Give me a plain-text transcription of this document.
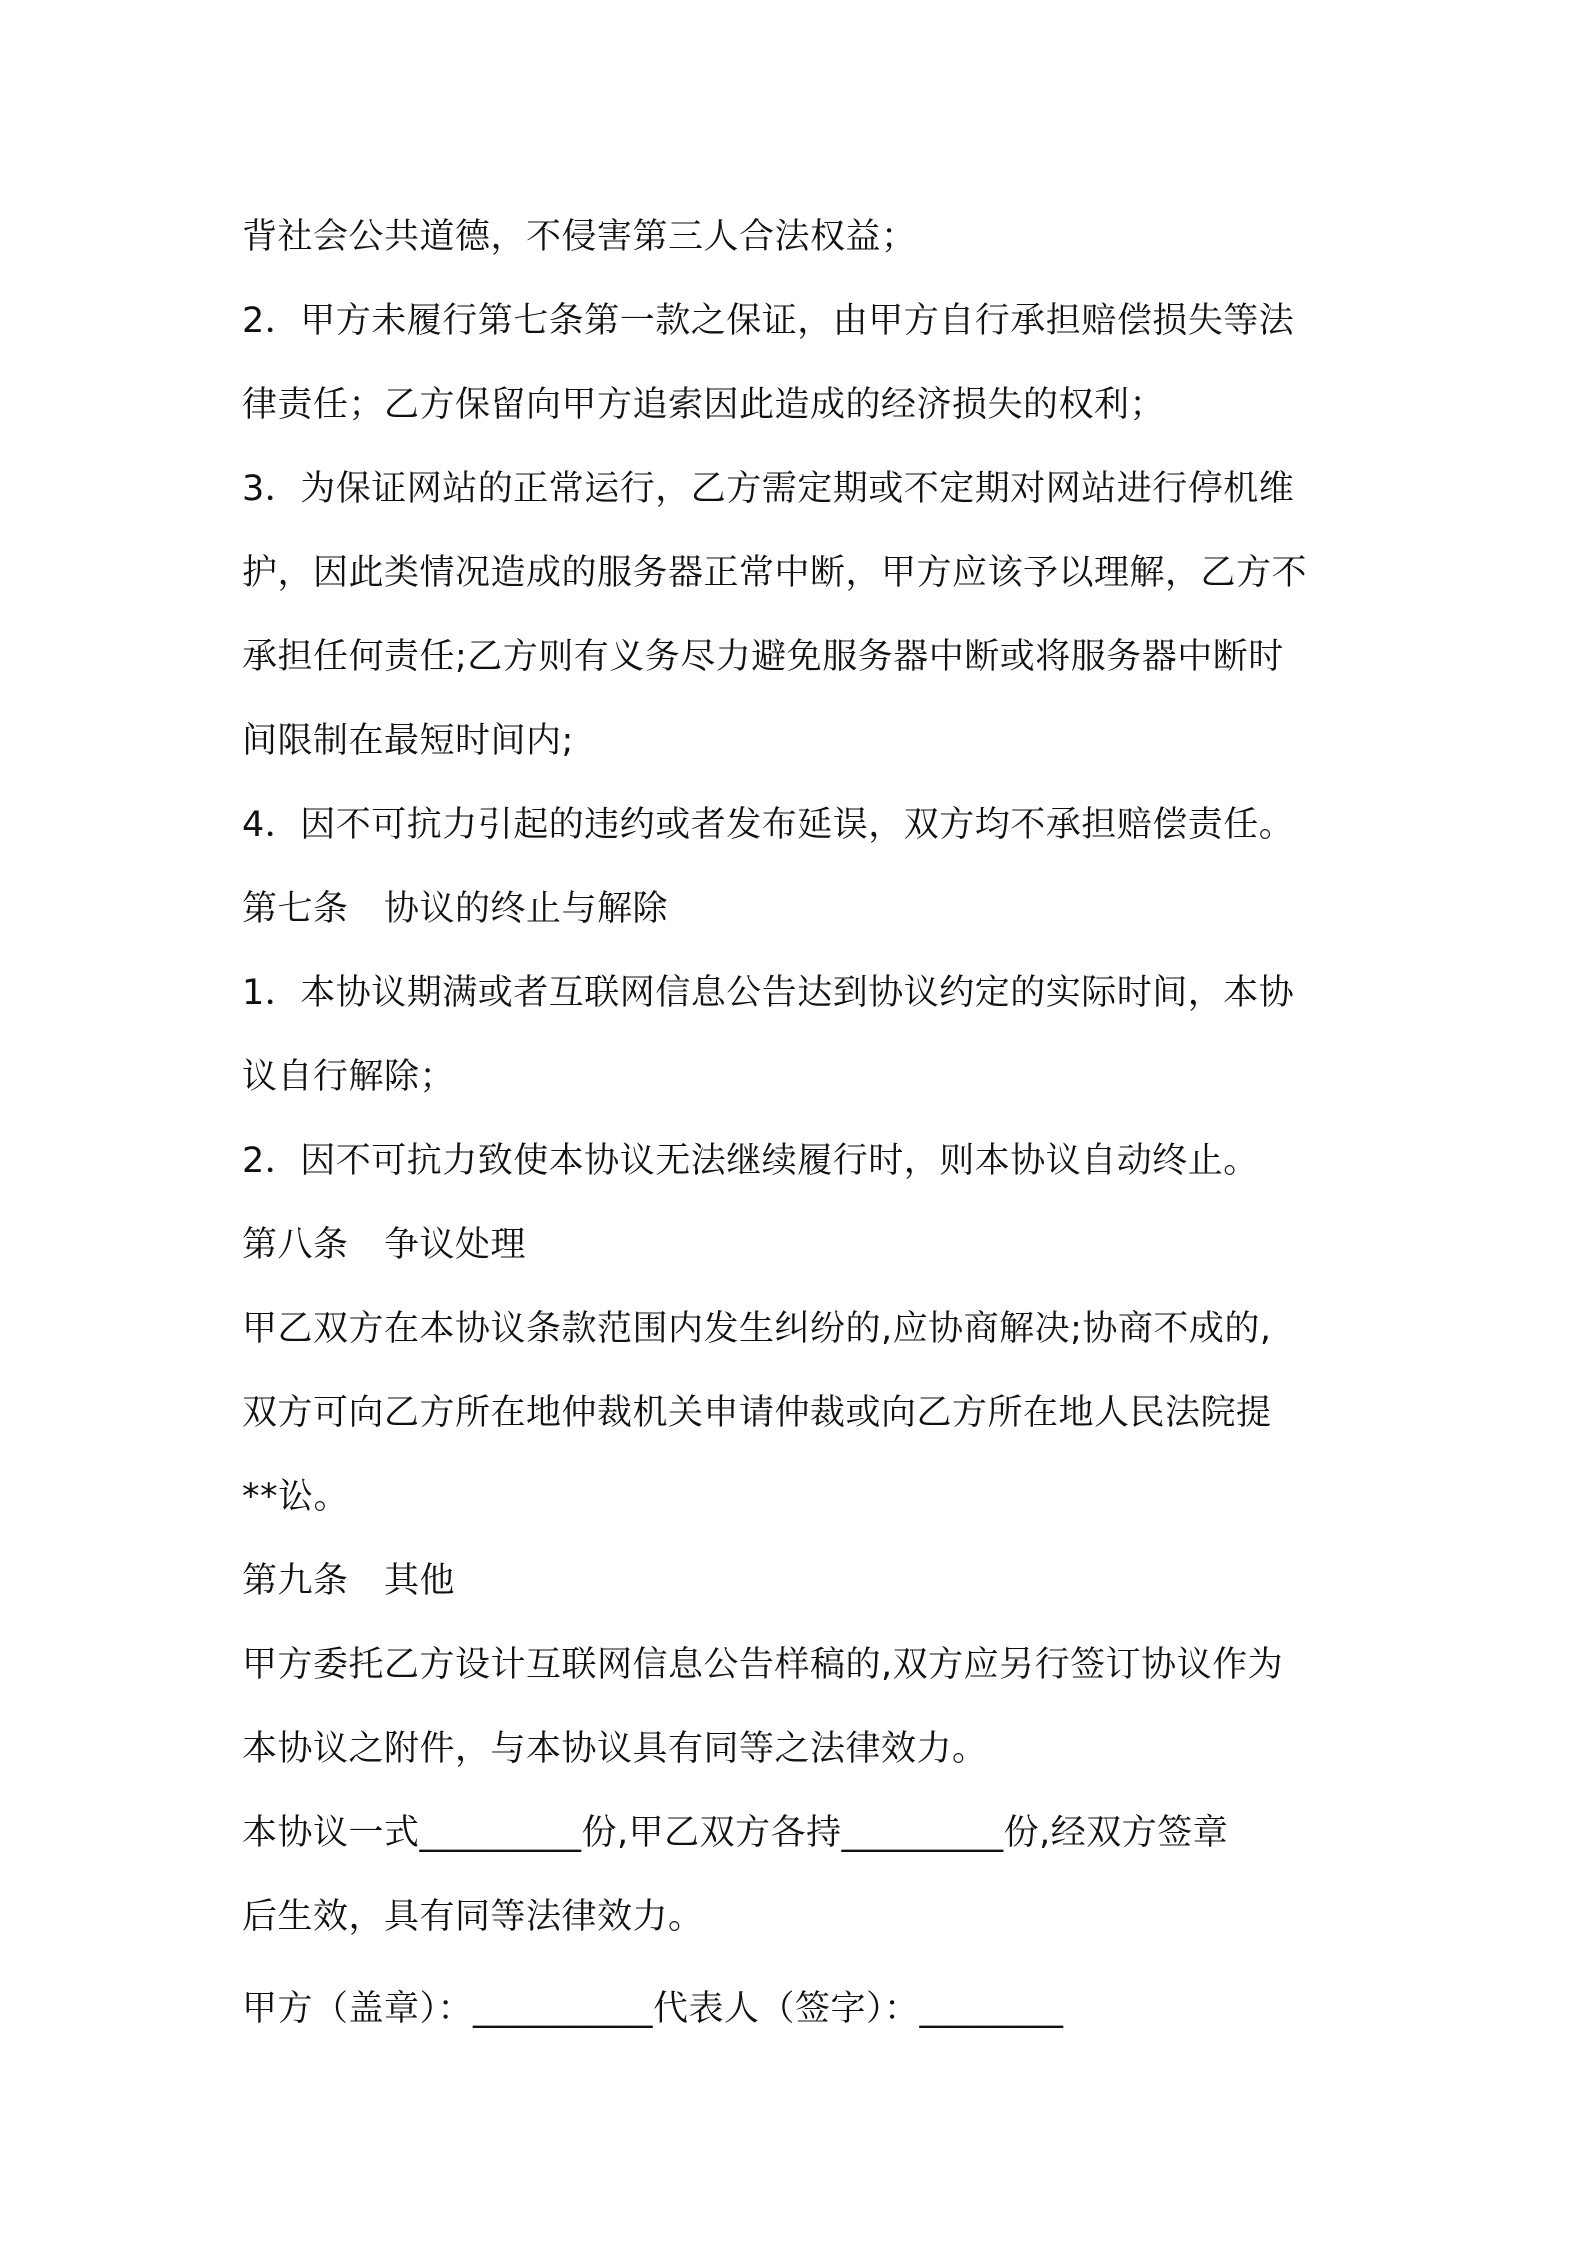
背社会公共道德，不侵害第三人合法权益；
2．甲方未履行第七条第一款之保证，由甲方自行承担赔偿损失等法
律责任；乙方保留向甲方追索因此造成的经济损失的权利；
3．为保证网站的正常运行，乙方需定期或不定期对网站进行停机维
护，因此类情况造成的服务器正常中断，甲方应该予以理解，乙方不
承担任何责任;乙方则有义务尽力避免服务器中断或将服务器中断时
间限制在最短时间内;
4．因不可抗力引起的违约或者发布延误，双方均不承担赔偿责任。
第七条　协议的终止与解除
1．本协议期满或者互联网信息公告达到协议约定的实际时间，本协
议自行解除；
2．因不可抗力致使本协议无法继续履行时，则本协议自动终止。
第八条　争议处理
甲乙双方在本协议条款范围内发生纠纷的,应协商解决;协商不成的,
双方可向乙方所在地仲裁机关申请仲裁或向乙方所在地人民法院提
**讼。
第九条　其他
甲方委托乙方设计互联网信息公告样稿的,双方应另行签订协议作为
本协议之附件，与本协议具有同等之法律效力。
本协议一式_________份,甲乙双方各持_________份,经双方签章
后生效，具有同等法律效力。
甲方（盖章）：__________代表人（签字）：________
